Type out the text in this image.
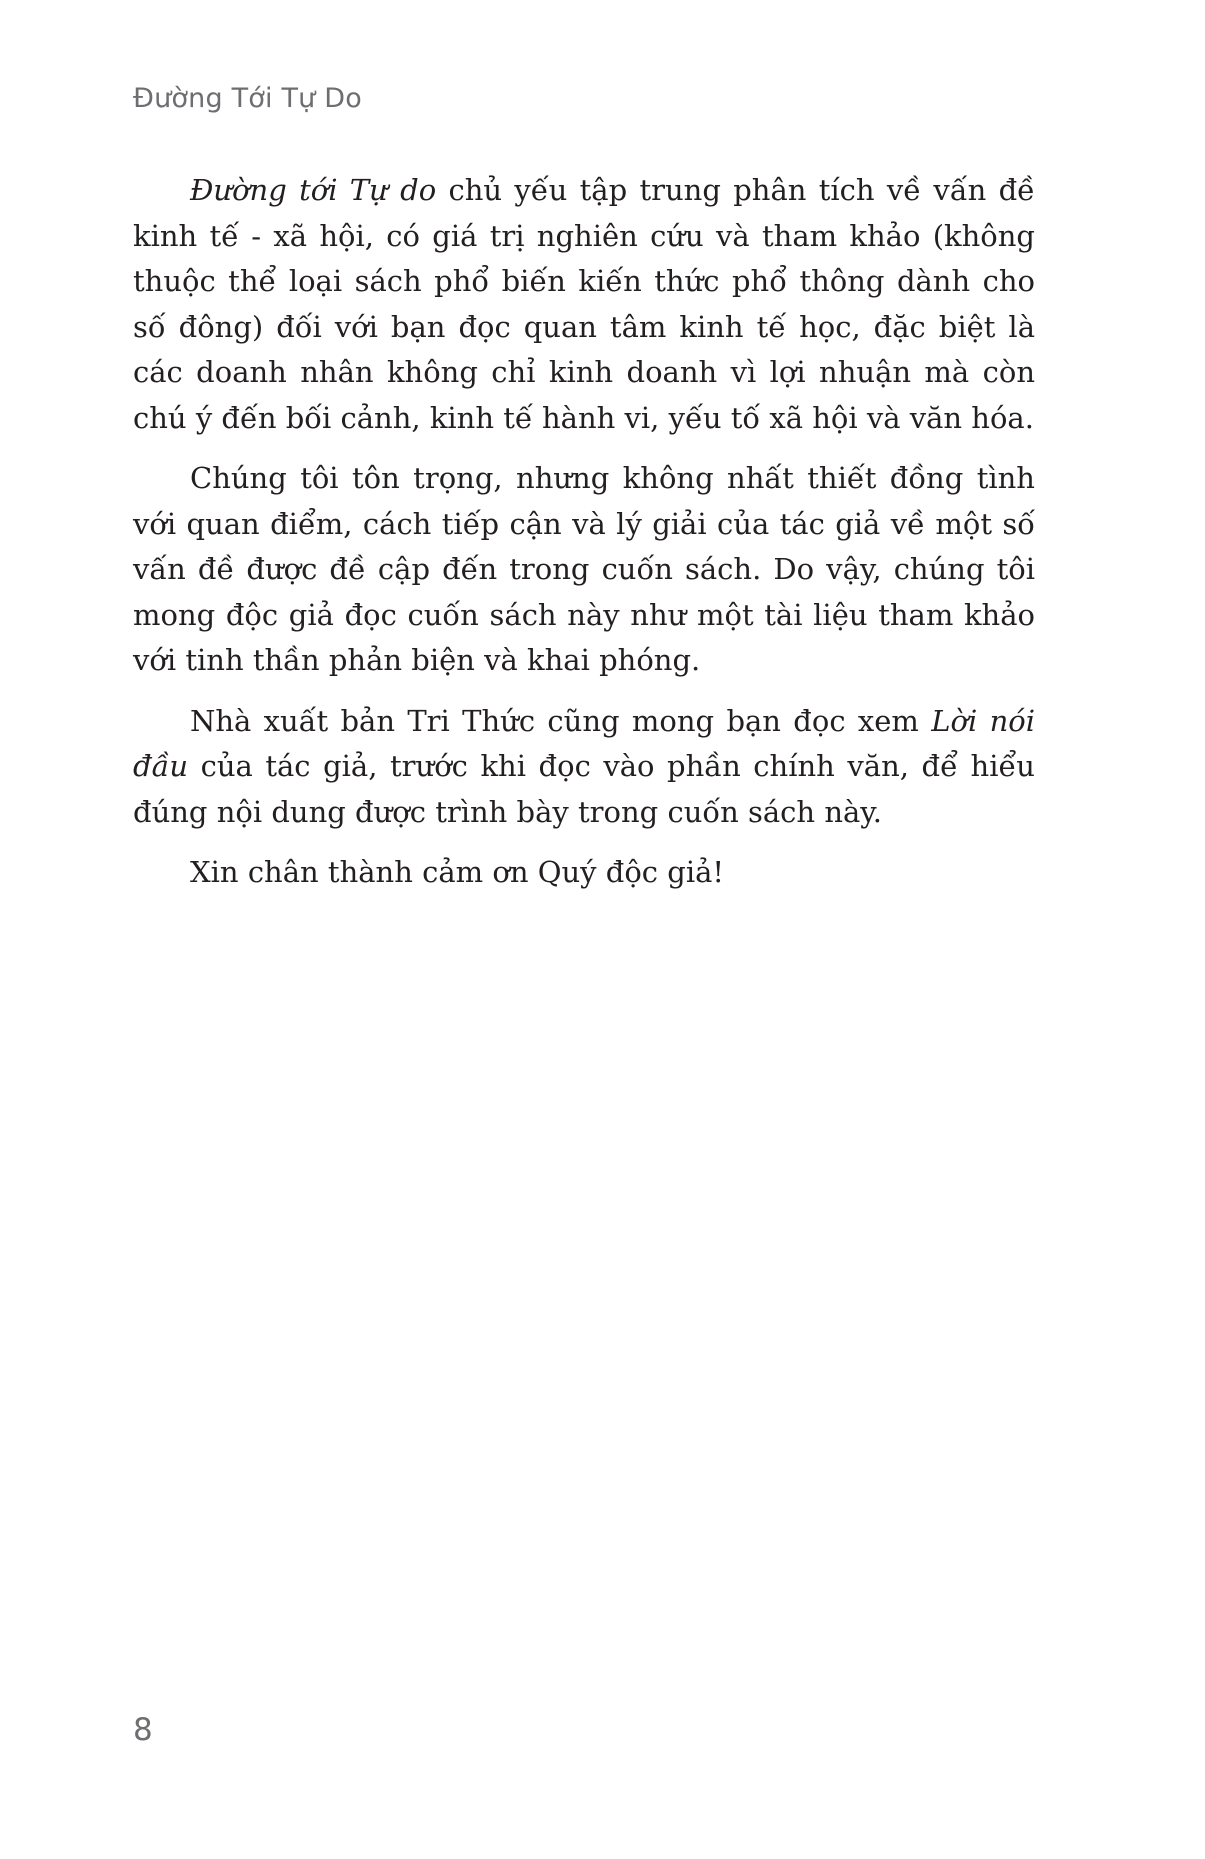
Đường Tới Tự Do

Đường tới Tự do chủ yếu tập trung phân tích về vấn đề kinh tế - xã hội, có giá trị nghiên cứu và tham khảo (không thuộc thể loại sách phổ biến kiến thức phổ thông dành cho số đông) đối với bạn đọc quan tâm kinh tế học, đặc biệt là các doanh nhân không chỉ kinh doanh vì lợi nhuận mà còn chú ý đến bối cảnh, kinh tế hành vi, yếu tố xã hội và văn hóa.

Chúng tôi tôn trọng, nhưng không nhất thiết đồng tình với quan điểm, cách tiếp cận và lý giải của tác giả về một số vấn đề được đề cập đến trong cuốn sách. Do vậy, chúng tôi mong độc giả đọc cuốn sách này như một tài liệu tham khảo với tinh thần phản biện và khai phóng.

Nhà xuất bản Tri Thức cũng mong bạn đọc xem Lời nói đầu của tác giả, trước khi đọc vào phần chính văn, để hiểu đúng nội dung được trình bày trong cuốn sách này.

Xin chân thành cảm ơn Quý độc giả!

8
